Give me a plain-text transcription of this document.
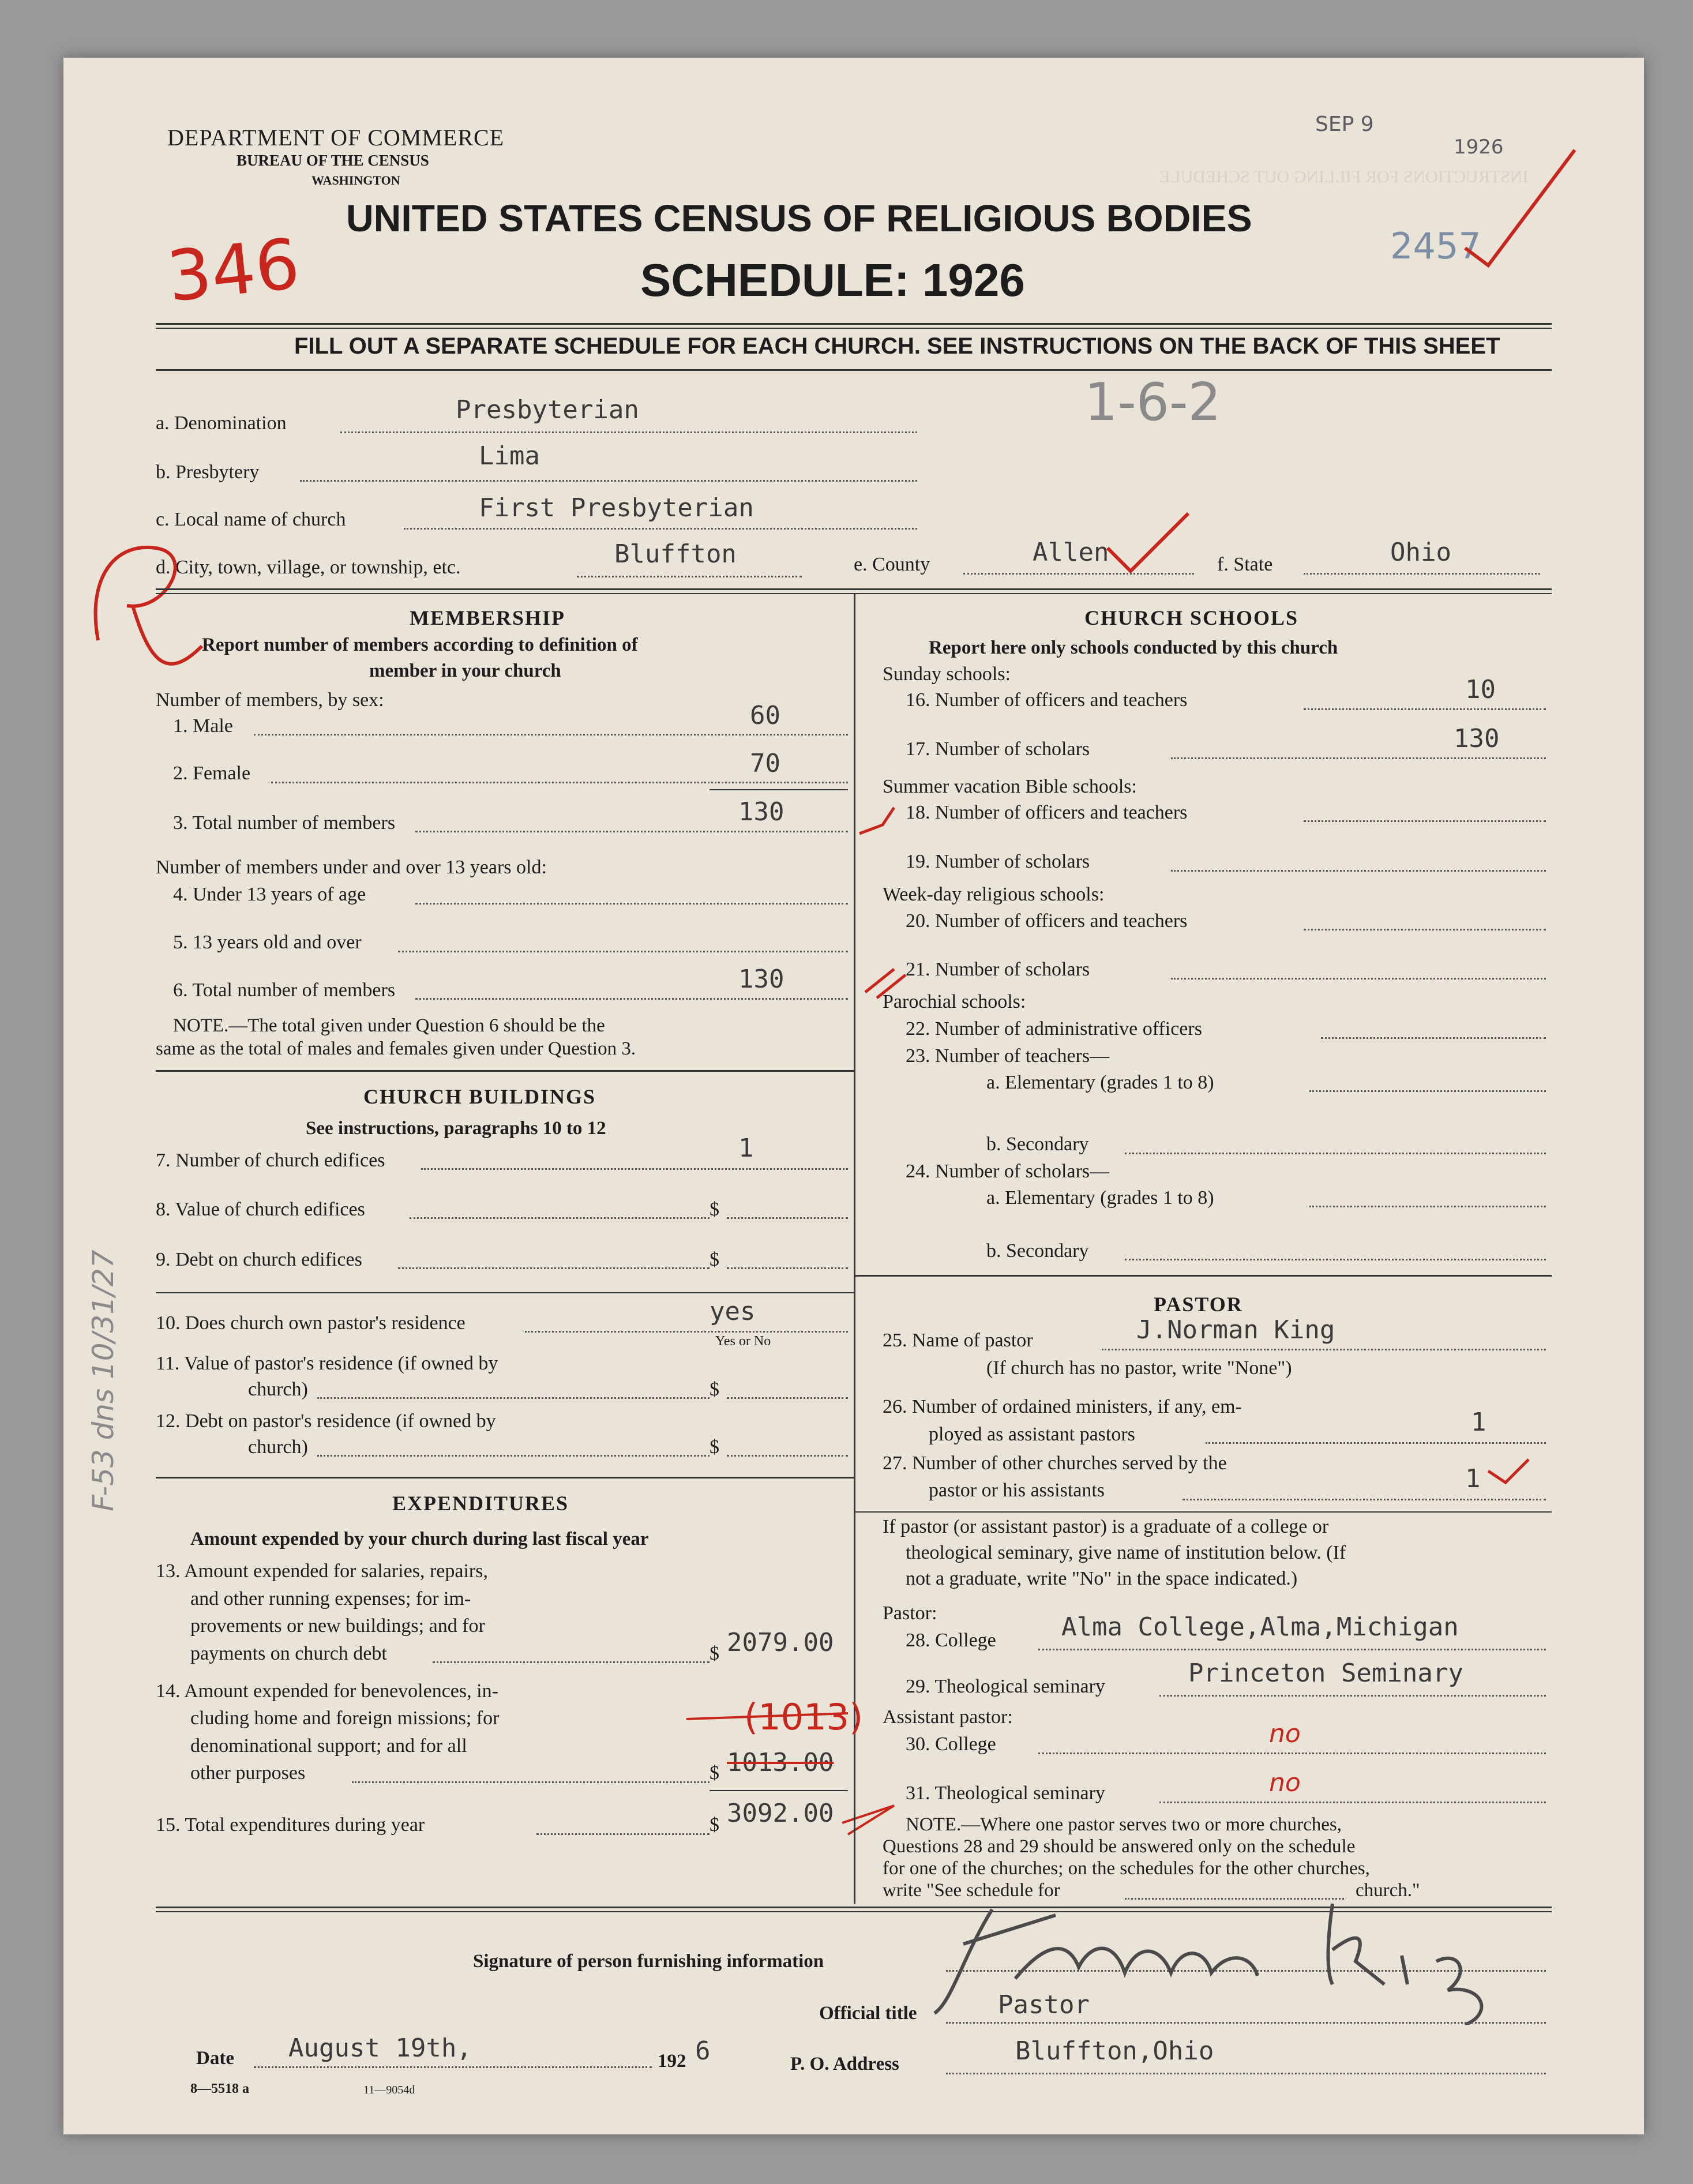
INSTRUCTIONS FOR FILLING OUT SCHEDULE
DEPARTMENT OF COMMERCE
BUREAU OF THE CENSUS
WASHINGTON
SEP 9
1926
2457
UNITED STATES CENSUS OF RELIGIOUS BODIES
SCHEDULE: 1926
346
FILL OUT A SEPARATE SCHEDULE FOR EACH CHURCH. SEE INSTRUCTIONS ON THE BACK OF THIS SHEET
a. Denomination	Presbyterian	1-6-2
b. Presbytery
Lima
c. Local name of church	First Presbyterian
d. City, town, village, or township, etc.	Bluffton	e. County	Allen	f. State	Ohio
MEMBERSHIP
Report number of members according to definition of
member in your church
Number of members, by sex:
1. Male	60
2. Female	70
3. Total number of members	130
Number of members under and over 13 years old:
4. Under 13 years of age
5. 13 years old and over
6. Total number of members	130
NOTE.—The total given under Question 6 should be the
same as the total of males and females given under Question 3.
CHURCH BUILDINGS
See instructions, paragraphs 10 to 12
7. Number of church edifices	1
8. Value of church edifices	$
9. Debt on church edifices	$
10. Does church own pastor's residence	yes
Yes or No
11. Value of pastor's residence (if owned by
church)	$
12. Debt on pastor's residence (if owned by
church)	$
EXPENDITURES
Amount expended by your church during last fiscal year
13. Amount expended for salaries, repairs,
and other running expenses; for im-
provements or new buildings; and for
payments on church debt	$ 2079.00
14. Amount expended for benevolences, in-
cluding home and foreign missions; for
denominational support; and for all
other purposes	$ 1013.00
(1013)
15. Total expenditures during year	$ 3092.00
CHURCH SCHOOLS
Report here only schools conducted by this church
Sunday schools:
16. Number of officers and teachers	10
17. Number of scholars	130
Summer vacation Bible schools:
18. Number of officers and teachers
19. Number of scholars
Week-day religious schools:
20. Number of officers and teachers
21. Number of scholars
Parochial schools:
22. Number of administrative officers
23. Number of teachers—
a. Elementary (grades 1 to 8)
b. Secondary
24. Number of scholars—
a. Elementary (grades 1 to 8)
b. Secondary
PASTOR
25. Name of pastor	J.Norman King
(If church has no pastor, write "None")
26. Number of ordained ministers, if any, em-
ployed as assistant pastors	1
27. Number of other churches served by the
pastor or his assistants	1
If pastor (or assistant pastor) is a graduate of a college or
theological seminary, give name of institution below. (If
not a graduate, write "No" in the space indicated.)
Pastor:
28. College	Alma College,Alma,Michigan
29. Theological seminary	Princeton Seminary
Assistant pastor:
30. College	no
31. Theological seminary	no
NOTE.—Where one pastor serves two or more churches,
Questions 28 and 29 should be answered only on the schedule
for one of the churches; on the schedules for the other churches,
write "See schedule for	church."
Signature of person furnishing information
Official title	Pastor
Date August 19th,	192 6	P. O. Address	Bluffton,Ohio
8—5518 a	11—9054d
F-53 dns 10/31/27
